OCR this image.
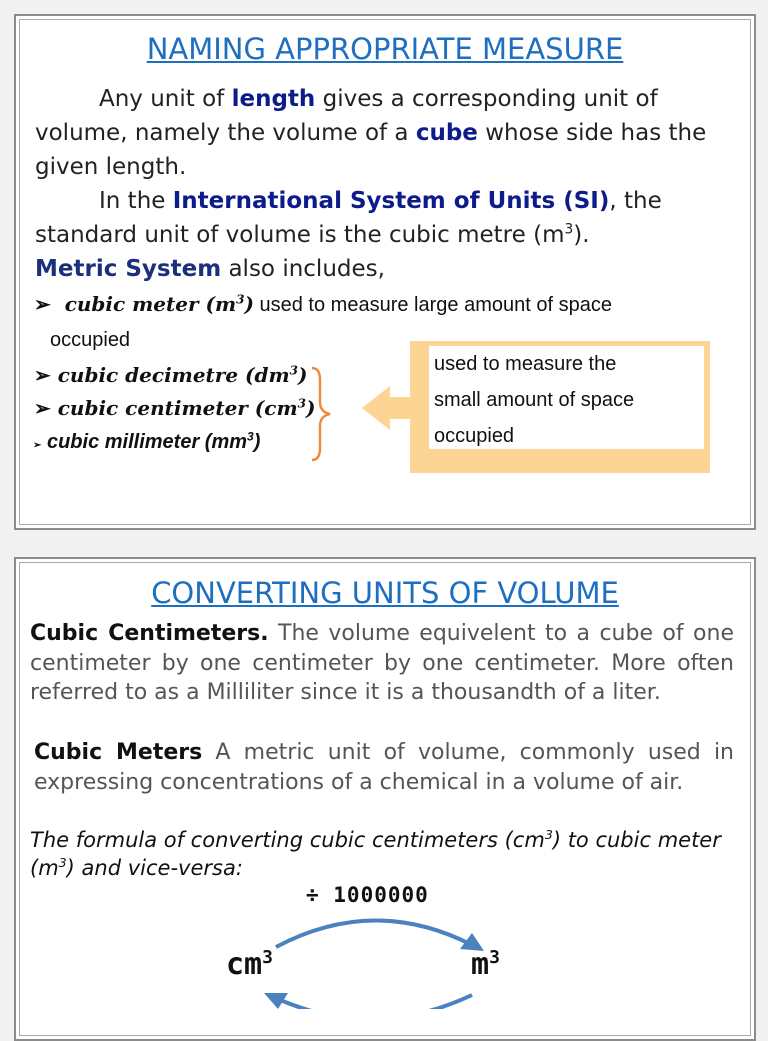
NAMING APPROPRIATE MEASURE
Any unit of length gives a corresponding unit of volume, namely the volume of a cube whose side has the given length.
In the International System of Units (SI), the standard unit of volume is the cubic metre $(m^3)$.
Metric System also includes,
➢ cubic meter $(m^3)$ used to measure large amount of space
occupied
➢ cubic decimetre $(dm^3)$
➢ cubic centimeter $(cm^3)$
➢ cubic millimeter $(mm^3)$
used to measure the
small amount of space
occupied
CONVERTING UNITS OF VOLUME
Cubic Centimeters. The volume equivelent to a cube of one centimeter by one centimeter by one centimeter. More often referred to as a Milliliter since it is a thousandth of a liter.
Cubic Meters A metric unit of volume, commonly used in expressing concentrations of a chemical in a volume of air.
The formula of converting cubic centimeters $(cm^3)$ to cubic meter $(m^3)$ and vice-versa:
÷ 1000000
$cm^3$	$m^3$
